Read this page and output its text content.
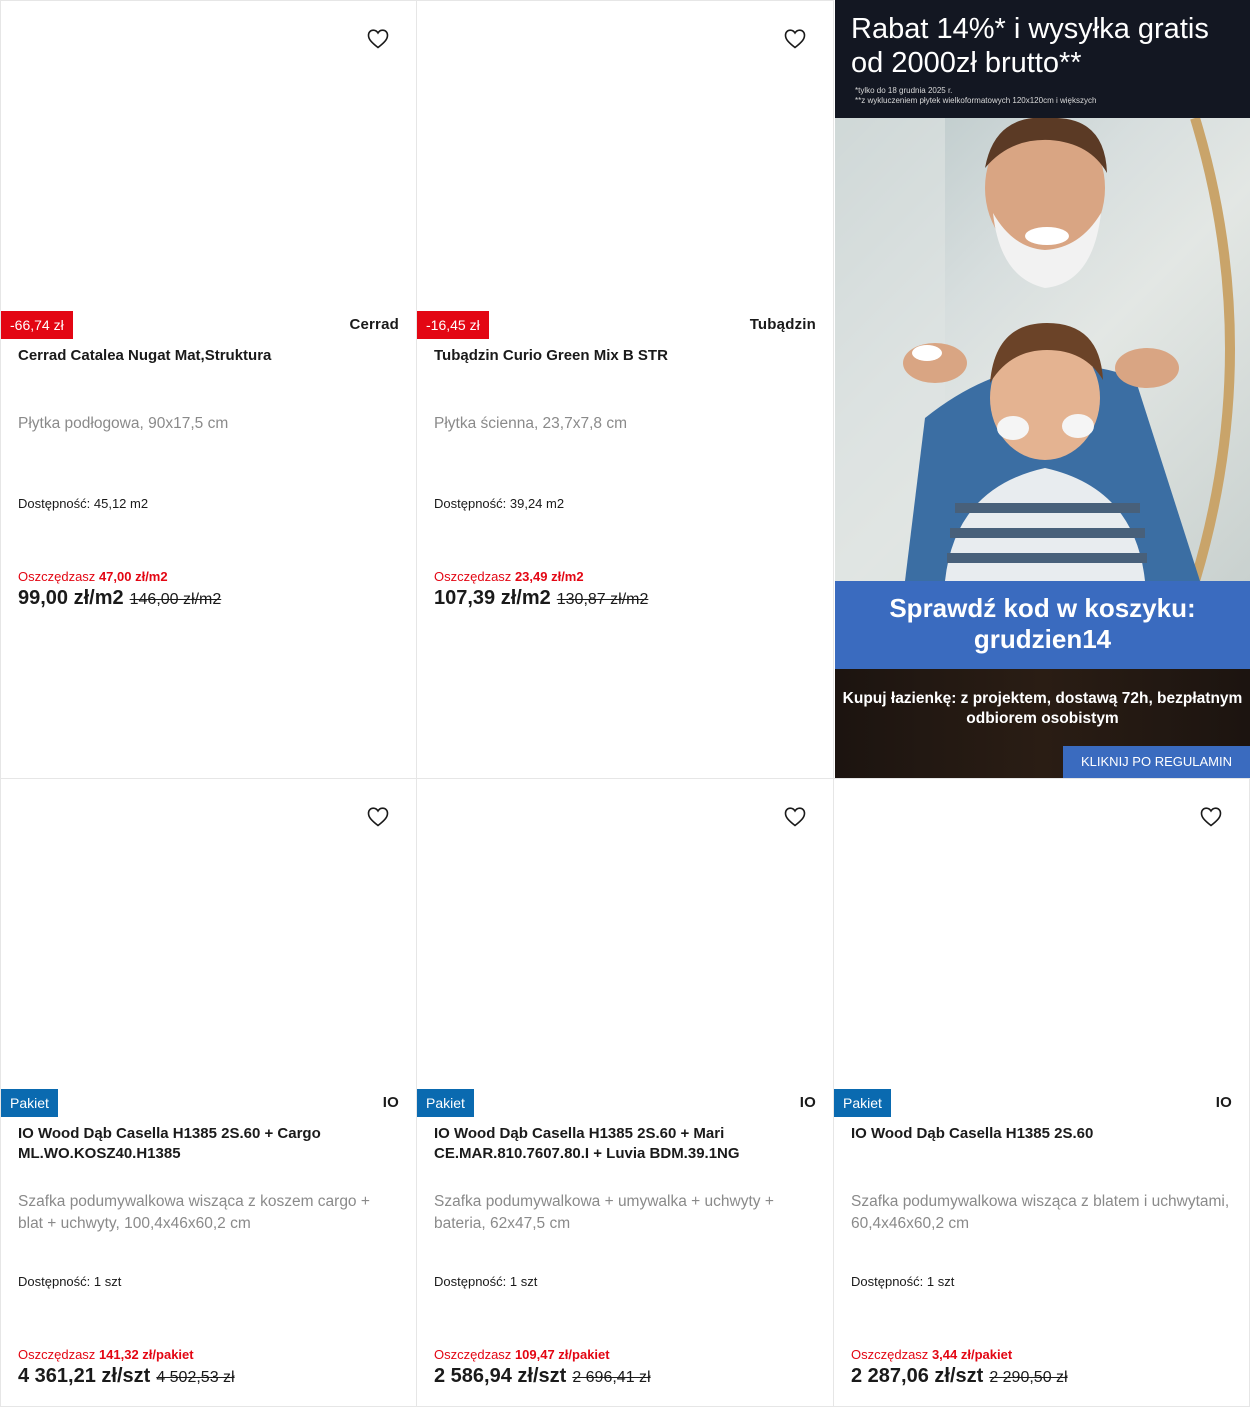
-66,74 zł	Cerrad
Cerrad Catalea Nugat Mat,Struktura
Płytka podłogowa, 90x17,5 cm
Dostępność: 45,12 m2
Oszczędzasz 47,00 zł/m2
99,00 zł/m2 146,00 zł/m2
-16,45 zł	Tubądzin
Tubądzin Curio Green Mix B STR
Płytka ścienna, 23,7x7,8 cm
Dostępność: 39,24 m2
Oszczędzasz 23,49 zł/m2
107,39 zł/m2 130,87 zł/m2
Rabat 14%* i wysyłka gratis od 2000zł brutto**
*tylko do 18 grudnia 2025 r.
**z wykluczeniem płytek wielkoformatowych 120x120cm i większych
Sprawdź kod w koszyku:
grudzien14
Kupuj łazienkę: z projektem, dostawą 72h, bezpłatnym odbiorem osobistym
KLIKNIJ PO REGULAMIN
Pakiet	IO
IO Wood Dąb Casella H1385 2S.60 + Cargo ML.WO.KOSZ40.H1385
Szafka podumywalkowa wisząca z koszem cargo + blat + uchwyty, 100,4x46x60,2 cm
Dostępność: 1 szt
Oszczędzasz 141,32 zł/pakiet
4 361,21 zł/szt 4 502,53 zł
Pakiet	IO
IO Wood Dąb Casella H1385 2S.60 + Mari CE.MAR.810.7607.80.I + Luvia BDM.39.1NG
Szafka podumywalkowa + umywalka + uchwyty + bateria, 62x47,5 cm
Dostępność: 1 szt
Oszczędzasz 109,47 zł/pakiet
2 586,94 zł/szt 2 696,41 zł
Pakiet	IO
IO Wood Dąb Casella H1385 2S.60
Szafka podumywalkowa wisząca z blatem i uchwytami, 60,4x46x60,2 cm
Dostępność: 1 szt
Oszczędzasz 3,44 zł/pakiet
2 287,06 zł/szt 2 290,50 zł
